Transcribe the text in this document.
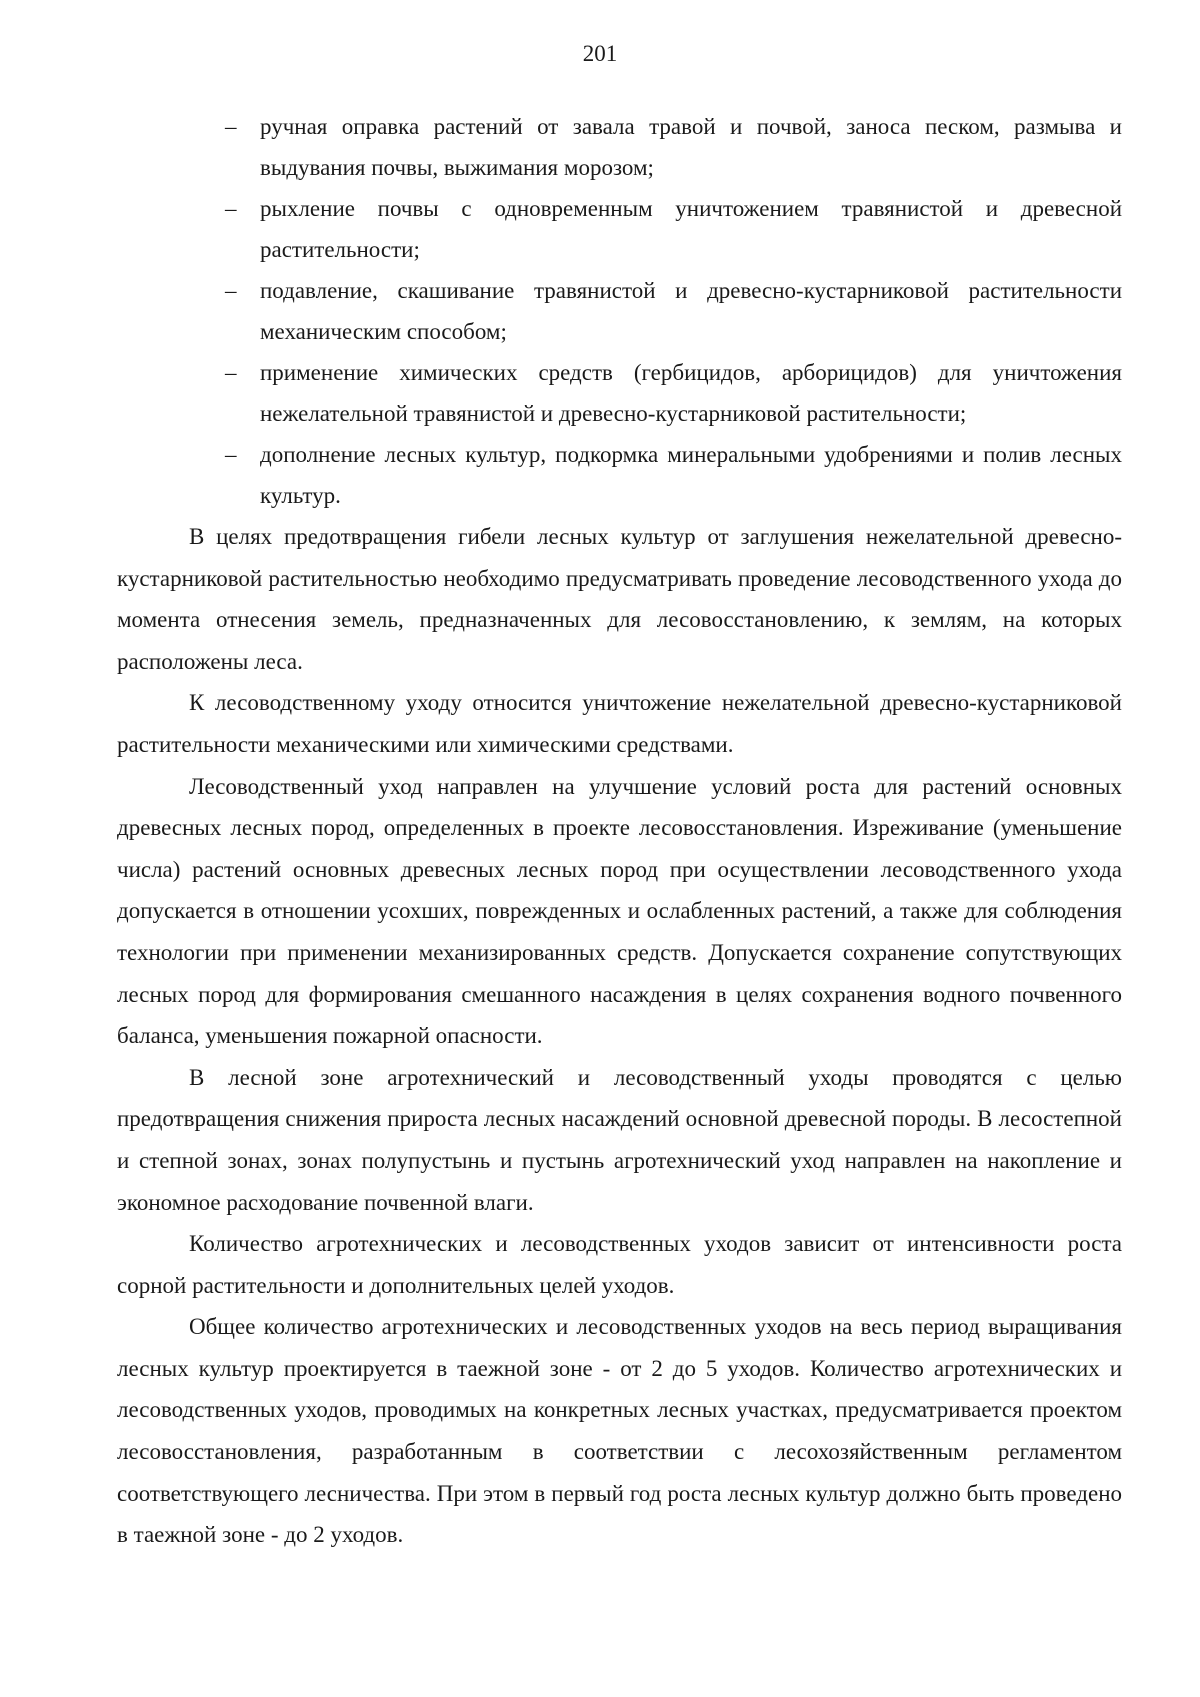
201
– ручная оправка растений от завала травой и почвой, заноса песком, размыва и выдувания почвы, выжимания морозом;
– рыхление почвы с одновременным уничтожением травянистой и древесной растительности;
– подавление, скашивание травянистой и древесно-кустарниковой растительности механическим способом;
– применение химических средств (гербицидов, арборицидов) для уничтожения нежелательной травянистой и древесно-кустарниковой растительности;
– дополнение лесных культур, подкормка минеральными удобрениями и полив лесных культур.

В целях предотвращения гибели лесных культур от заглушения нежелательной древесно-кустарниковой растительностью необходимо предусматривать проведение лесоводственного ухода до момента отнесения земель, предназначенных для лесовосстановлению, к землям, на которых расположены леса.

К лесоводственному уходу относится уничтожение нежелательной древесно-кустарниковой растительности механическими или химическими средствами.

Лесоводственный уход направлен на улучшение условий роста для растений основных древесных лесных пород, определенных в проекте лесовосстановления. Изреживание (уменьшение числа) растений основных древесных лесных пород при осуществлении лесоводственного ухода допускается в отношении усохших, поврежденных и ослабленных растений, а также для соблюдения технологии при применении механизированных средств. Допускается сохранение сопутствующих лесных пород для формирования смешанного насаждения в целях сохранения водного почвенного баланса, уменьшения пожарной опасности.

В лесной зоне агротехнический и лесоводственный уходы проводятся с целью предотвращения снижения прироста лесных насаждений основной древесной породы. В лесостепной и степной зонах, зонах полупустынь и пустынь агротехнический уход направлен на накопление и экономное расходование почвенной влаги.

Количество агротехнических и лесоводственных уходов зависит от интенсивности роста сорной растительности и дополнительных целей уходов.

Общее количество агротехнических и лесоводственных уходов на весь период выращивания лесных культур проектируется в таежной зоне - от 2 до 5 уходов. Количество агротехнических и лесоводственных уходов, проводимых на конкретных лесных участках, предусматривается проектом лесовосстановления, разработанным в соответствии с лесохозяйственным регламентом соответствующего лесничества. При этом в первый год роста лесных культур должно быть проведено в таежной зоне - до 2 уходов.
